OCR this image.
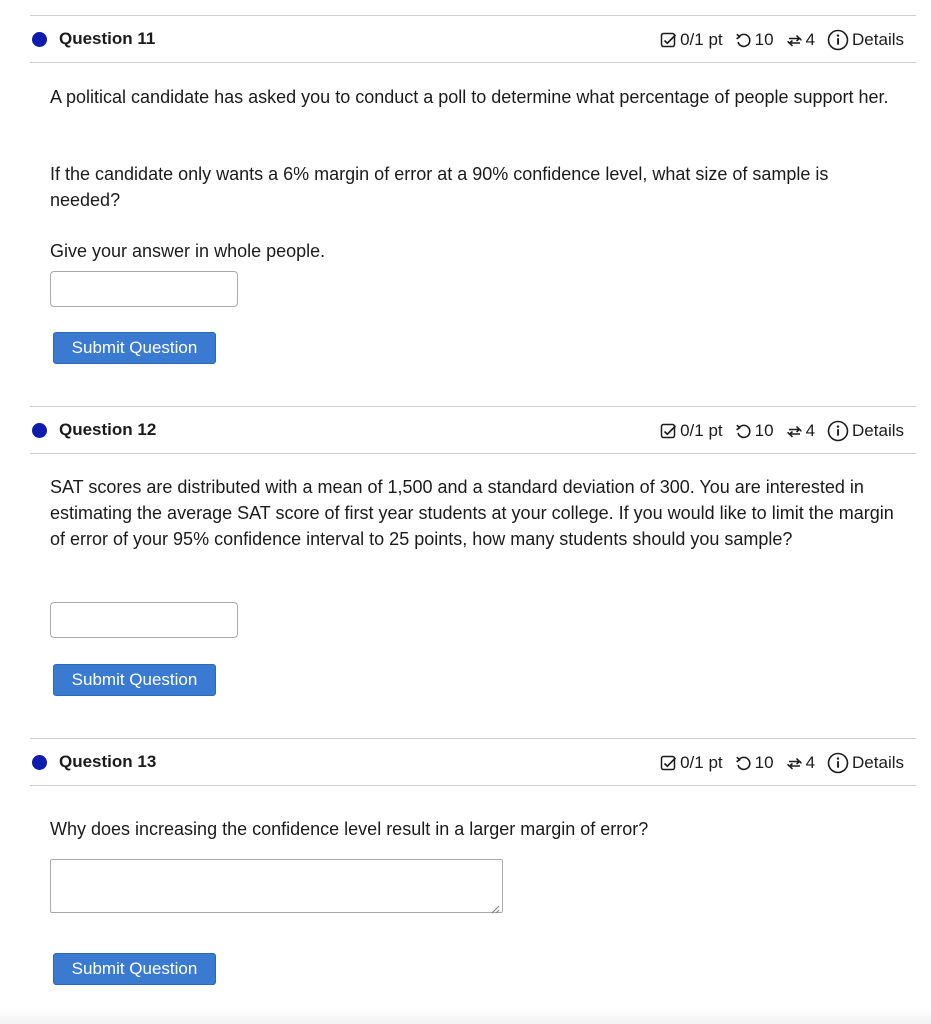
Question 11	0/1 pt 10 4 Details
A political candidate has asked you to conduct a poll to determine what percentage of people support her.
If the candidate only wants a 6% margin of error at a 90% confidence level, what size of sample is needed?
Give your answer in whole people.
Submit Question
Question 12	0/1 pt 10 4 Details
SAT scores are distributed with a mean of 1,500 and a standard deviation of 300. You are interested in estimating the average SAT score of first year students at your college. If you would like to limit the margin of error of your 95% confidence interval to 25 points, how many students should you sample?
Submit Question
Question 13	0/1 pt 10 4 Details
Why does increasing the confidence level result in a larger margin of error?
Submit Question
